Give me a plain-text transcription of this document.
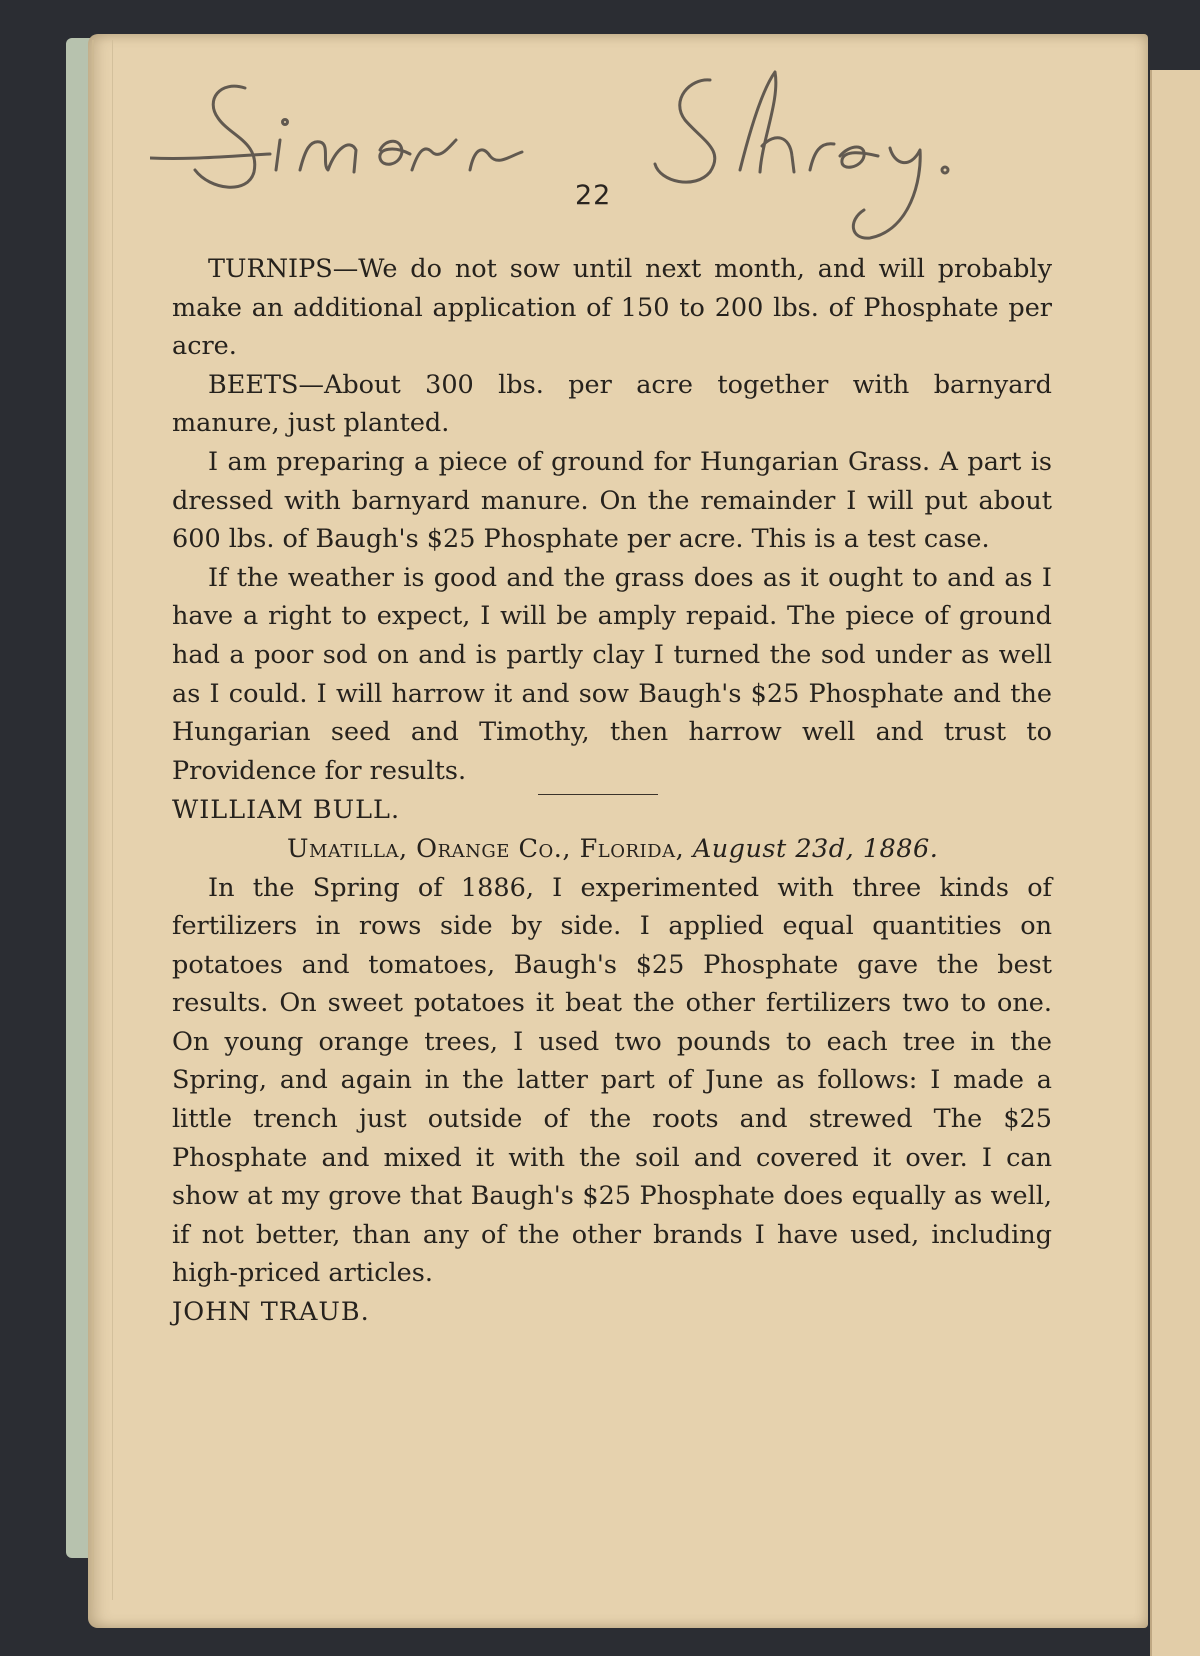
22

TURNIPS—We do not sow until next month, and will probably make an additional application of 150 to 200 lbs. of Phosphate per acre.

BEETS—About 300 lbs. per acre together with barnyard manure, just planted.

I am preparing a piece of ground for Hungarian Grass. A part is dressed with barnyard manure. On the remainder I will put about 600 lbs. of Baugh's $25 Phosphate per acre. This is a test case.

If the weather is good and the grass does as it ought to and as I have a right to expect, I will be amply repaid. The piece of ground had a poor sod on and is partly clay I turned the sod under as well as I could. I will harrow it and sow Baugh's $25 Phosphate and the Hungarian seed and Timothy, then harrow well and trust to Providence for results.

WILLIAM BULL.

Umatilla, Orange Co., Florida, August 23d, 1886.

In the Spring of 1886, I experimented with three kinds of fertilizers in rows side by side. I applied equal quantities on potatoes and tomatoes, Baugh's $25 Phosphate gave the best results. On sweet potatoes it beat the other fertilizers two to one. On young orange trees, I used two pounds to each tree in the Spring, and again in the latter part of June as follows: I made a little trench just outside of the roots and strewed The $25 Phosphate and mixed it with the soil and covered it over. I can show at my grove that Baugh's $25 Phosphate does equally as well, if not better, than any of the other brands I have used, including high-priced articles.

JOHN TRAUB.
